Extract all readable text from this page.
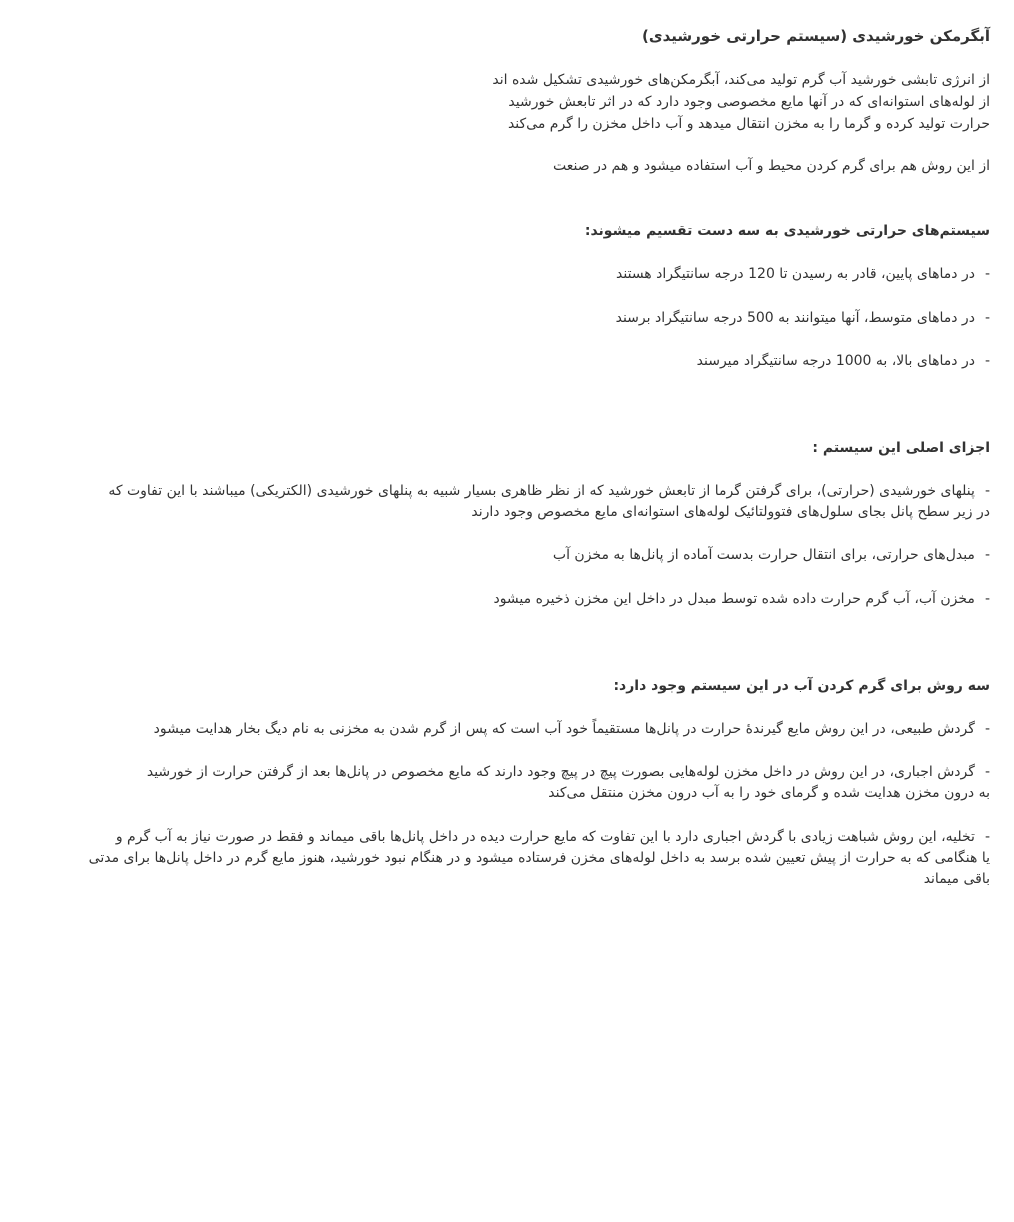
آبگرمکن خورشیدی (سیستم حرارتی خورشیدی)
از انرژی تابشی خورشید آب گرم تولید می‌کند، آبگرمکن‌های خورشیدی تشکیل شده اند
از لوله‌های استوانه‌ای که در آنها مایع مخصوصی وجود دارد که در اثر تابعش خورشید
حرارت تولید کرده و گرما را به مخزن انتقال میدهد و آب داخل مخزن را گرم می‌کند
از این روش هم برای گرم کردن محیط و آب استفاده میشود و هم در صنعت
سیستم‌های حرارتی خورشیدی به سه دست تقسیم میشوند:
-در دماهای پایین، قادر به رسیدن تا 120 درجه سانتیگراد هستند
-در دماهای متوسط، آنها میتوانند به 500 درجه سانتیگراد برسند
-در دماهای بالا، به 1000 درجه سانتیگراد میرسند
اجزای اصلی این سیستم :
-پنلهای خورشیدی (حرارتی)، برای گرفتن گرما از تابعش خورشید که از نظر ظاهری بسیار شبیه به پنلهای خورشیدی (الکتریکی) میباشند با این تفاوت که
در زیر سطح پانل بجای سلول‌های فتوولتائیک لوله‌های استوانه‌ای مایع مخصوص وجود دارند
-مبدل‌های حرارتی، برای انتقال حرارت بدست آماده از پانل‌ها به مخزن آب
-مخزن آب، آب گرم حرارت داده شده توسط مبدل در داخل این مخزن ذخیره میشود
سه روش برای گرم کردن آب در این سیستم وجود دارد:
-گردش طبیعی، در این روش مایع گیرندهٔ حرارت در پانل‌ها مستقیماً خود آب است که پس از گرم شدن به مخزنی به نام دیگ بخار هدایت میشود
-گردش اجباری، در این روش در داخل مخزن لوله‌هایی بصورت پیچ در پیچ وجود دارند که مایع مخصوص در پانل‌ها بعد از گرفتن حرارت از خورشید
به درون مخزن هدایت شده و گرمای خود را به آب درون مخزن منتقل می‌کند
-تخلیه، این روش شباهت زیادی با گردش اجباری دارد با این تفاوت که مایع حرارت دیده در داخل پانل‌ها باقی میماند و فقط در صورت نیاز به آب گرم و
یا هنگامی که به حرارت از پیش تعیین شده برسد به داخل لوله‌های مخزن فرستاده میشود و در هنگام نبود خورشید، هنوز مایع گرم در داخل پانل‌ها برای مدتی
باقی میماند
